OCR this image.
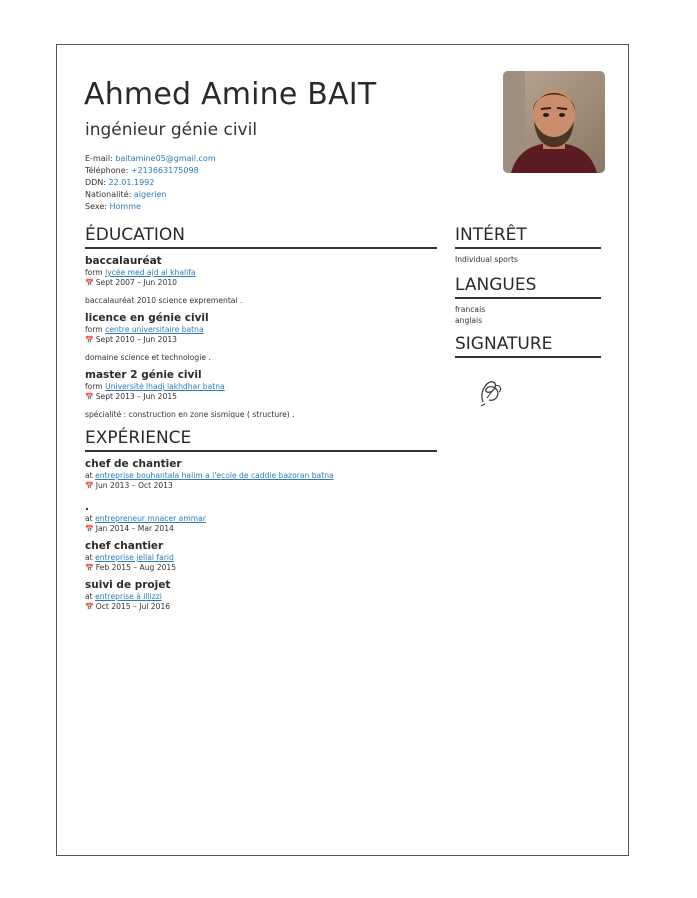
Ahmed Amine BAIT
ingénieur génie civil
E-mail: baitamine05@gmail.com
Téléphone: +213663175098
DDN: 22.01.1992
Nationalité: algerien
Sexe: Homme
ÉDUCATION
baccalauréat
form lycée med ajd al khalifa
📅 Sept 2007 – Jun 2010
baccalauréat 2010 science expremental .
licence en génie civil
form centre universitaire batna
📅 Sept 2010 – Jun 2013
domaine science et technologie .
master 2 génie civil
form Université lhadj lakhdhar batna
📅 Sept 2013 – Jun 2015
spécialité : construction en zone sismique ( structure) .
EXPÉRIENCE
chef de chantier
at entreprise bouhantala halim a l'ecole de caddie bazoran batna
📅 Jun 2013 – Oct 2013
.
at entrepreneur mnacer ammar
📅 Jan 2014 – Mar 2014
chef chantier
at entreprise jellal farid
📅 Feb 2015 – Aug 2015
suivi de projet
at entreprise à illizzi
📅 Oct 2015 – Jul 2016
INTÉRÊT
Individual sports
LANGUES
francais
anglais
SIGNATURE
